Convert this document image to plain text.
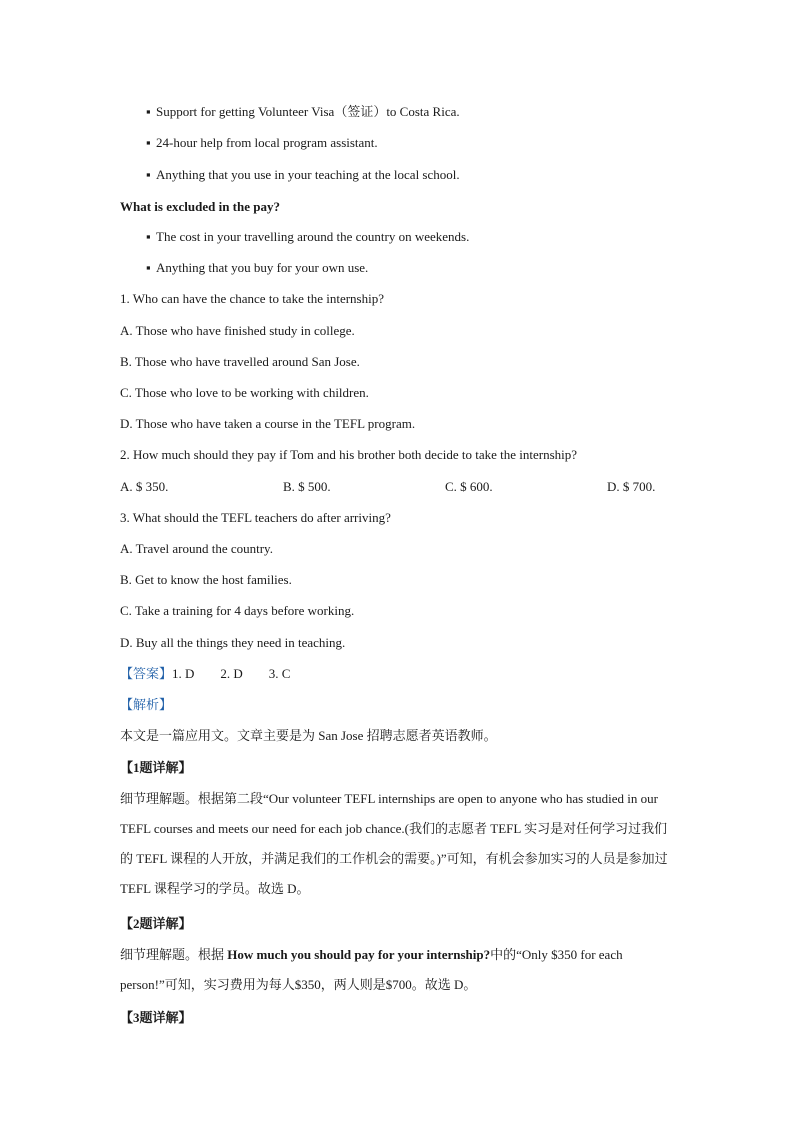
▪ Support for getting Volunteer Visa（签证）to Costa Rica.
▪ 24-hour help from local program assistant.
▪ Anything that you use in your teaching at the local school.
What is excluded in the pay?
▪ The cost in your travelling around the country on weekends.
▪ Anything that you buy for your own use.
1. Who can have the chance to take the internship?
A. Those who have finished study in college.
B. Those who have travelled around San Jose.
C. Those who love to be working with children.
D. Those who have taken a course in the TEFL program.
2. How much should they pay if Tom and his brother both decide to take the internship?
A. $ 350.	B. $ 500.	C. $ 600.	D. $ 700.
3. What should the TEFL teachers do after arriving?
A. Travel around the country.
B. Get to know the host families.
C. Take a training for 4 days before working.
D. Buy all the things they need in teaching.
【答案】1. D 2. D 3. C
【解析】
本文是一篇应用文。文章主要是为 San Jose 招聘志愿者英语教师。
【1题详解】
细节理解题。根据第二段“Our volunteer TEFL internships are open to anyone who has studied in our TEFL courses and meets our need for each job chance.(我们的志愿者 TEFL 实习是对任何学习过我们的 TEFL 课程的人开放，并满足我们的工作机会的需要。)”可知，有机会参加实习的人员是参加过 TEFL 课程学习的学员。故选 D。
【2题详解】
细节理解题。根据 How much you should pay for your internship?中的“Only $350 for each person!”可知，实习费用为每人$350，两人则是$700。故选 D。
【3题详解】
